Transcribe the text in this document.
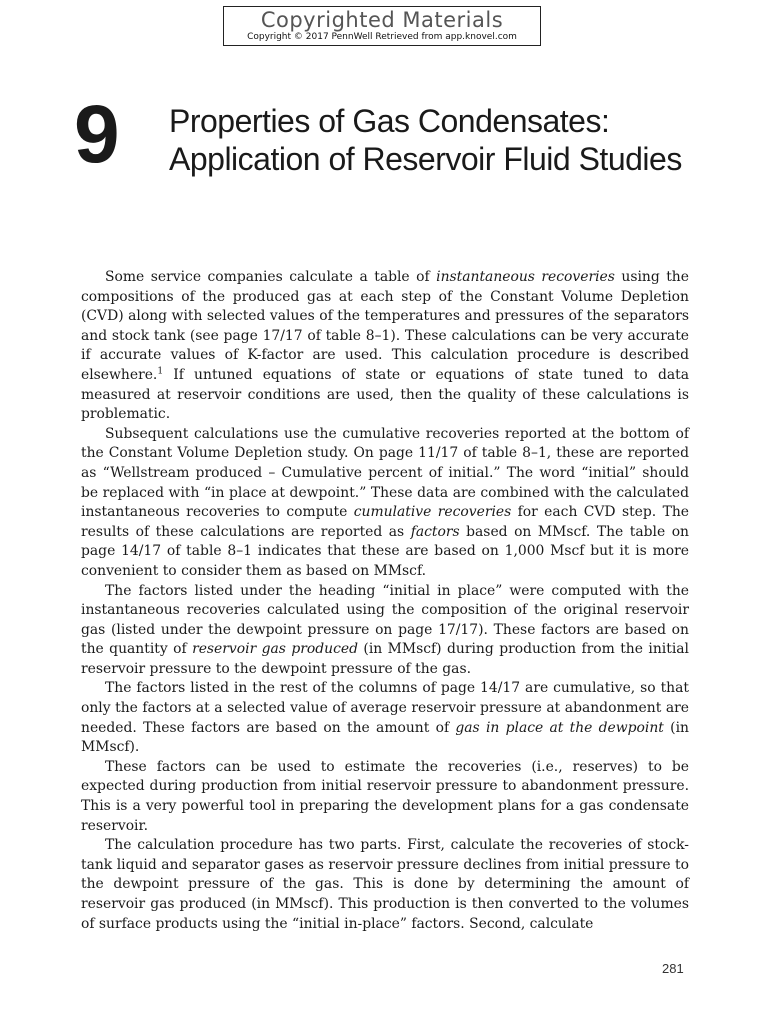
Copyrighted Materials
Copyright © 2017 PennWell Retrieved from app.knovel.com
9 Properties of Gas Condensates:
Application of Reservoir Fluid Studies

Some service companies calculate a table of instantaneous recoveries using the compositions of the produced gas at each step of the Constant Volume Depletion (CVD) along with selected values of the temperatures and pressures of the separators and stock tank (see page 17/17 of table 8–1). These calculations can be very accurate if accurate values of K-factor are used. This calculation procedure is described elsewhere.$^1$ If untuned equations of state or equations of state tuned to data measured at reservoir conditions are used, then the quality of these calculations is problematic.

Subsequent calculations use the cumulative recoveries reported at the bottom of the Constant Volume Depletion study. On page 11/17 of table 8–1, these are reported as “Wellstream produced – Cumulative percent of initial.” The word “initial” should be replaced with “in place at dewpoint.” These data are combined with the calculated instantaneous recoveries to compute cumulative recoveries for each CVD step. The results of these calculations are reported as factors based on MMscf. The table on page 14/17 of table 8–1 indicates that these are based on 1,000 Mscf but it is more convenient to consider them as based on MMscf.

The factors listed under the heading “initial in place” were computed with the instantaneous recoveries calculated using the composition of the original reservoir gas (listed under the dewpoint pressure on page 17/17). These factors are based on the quantity of reservoir gas produced (in MMscf) during production from the initial reservoir pressure to the dewpoint pressure of the gas.

The factors listed in the rest of the columns of page 14/17 are cumulative, so that only the factors at a selected value of average reservoir pressure at abandonment are needed. These factors are based on the amount of gas in place at the dewpoint (in MMscf).

These factors can be used to estimate the recoveries (i.e., reserves) to be expected during production from initial reservoir pressure to abandonment pressure. This is a very powerful tool in preparing the development plans for a gas condensate reservoir.

The calculation procedure has two parts. First, calculate the recoveries of stock-tank liquid and separator gases as reservoir pressure declines from initial pressure to the dewpoint pressure of the gas. This is done by determining the amount of reservoir gas produced (in MMscf). This production is then converted to the volumes of surface products using the “initial in-place” factors. Second, calculate

281
